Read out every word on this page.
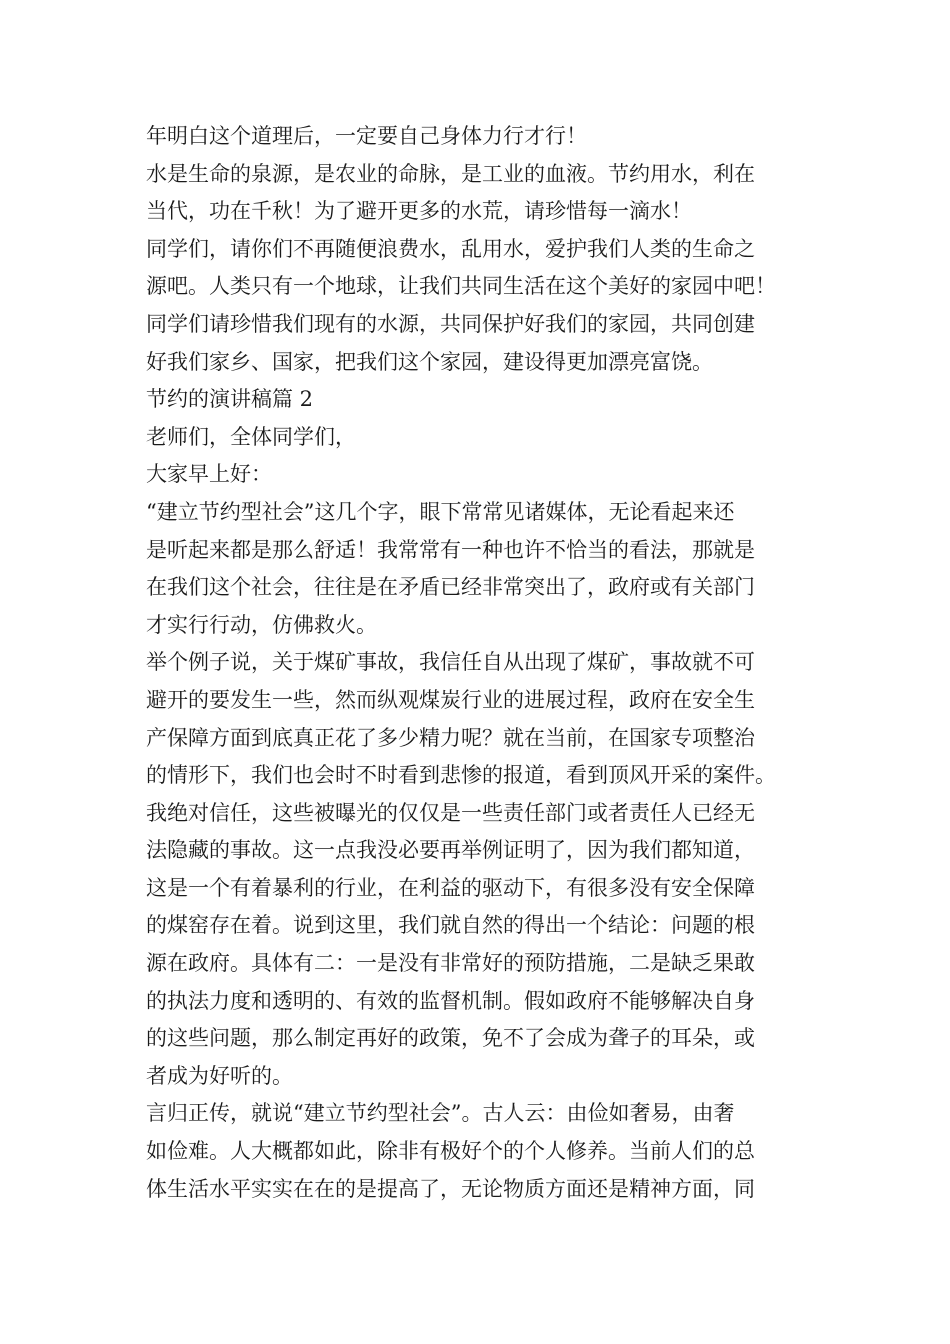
年明白这个道理后，一定要自己身体力行才行！
水是生命的泉源，是农业的命脉，是工业的血液。节约用水，利在
当代，功在千秋！为了避开更多的水荒，请珍惜每一滴水！
同学们，请你们不再随便浪费水，乱用水，爱护我们人类的生命之
源吧。人类只有一个地球，让我们共同生活在这个美好的家园中吧！
同学们请珍惜我们现有的水源，共同保护好我们的家园，共同创建
好我们家乡、国家，把我们这个家园，建设得更加漂亮富饶。
节约的演讲稿篇 2
老师们，全体同学们，
大家早上好：
“建立节约型社会”这几个字，眼下常常见诸媒体，无论看起来还
是听起来都是那么舒适！我常常有一种也许不恰当的看法，那就是
在我们这个社会，往往是在矛盾已经非常突出了，政府或有关部门
才实行行动，仿佛救火。
举个例子说，关于煤矿事故，我信任自从出现了煤矿，事故就不可
避开的要发生一些，然而纵观煤炭行业的进展过程，政府在安全生
产保障方面到底真正花了多少精力呢？就在当前，在国家专项整治
的情形下，我们也会时不时看到悲惨的报道，看到顶风开采的案件。
我绝对信任，这些被曝光的仅仅是一些责任部门或者责任人已经无
法隐藏的事故。这一点我没必要再举例证明了，因为我们都知道，
这是一个有着暴利的行业，在利益的驱动下，有很多没有安全保障
的煤窑存在着。说到这里，我们就自然的得出一个结论：问题的根
源在政府。具体有二：一是没有非常好的预防措施，二是缺乏果敢
的执法力度和透明的、有效的监督机制。假如政府不能够解决自身
的这些问题，那么制定再好的政策，免不了会成为聋子的耳朵，或
者成为好听的。
言归正传，就说“建立节约型社会”。古人云：由俭如奢易，由奢
如俭难。人大概都如此，除非有极好个的个人修养。当前人们的总
体生活水平实实在在的是提高了，无论物质方面还是精神方面，同
